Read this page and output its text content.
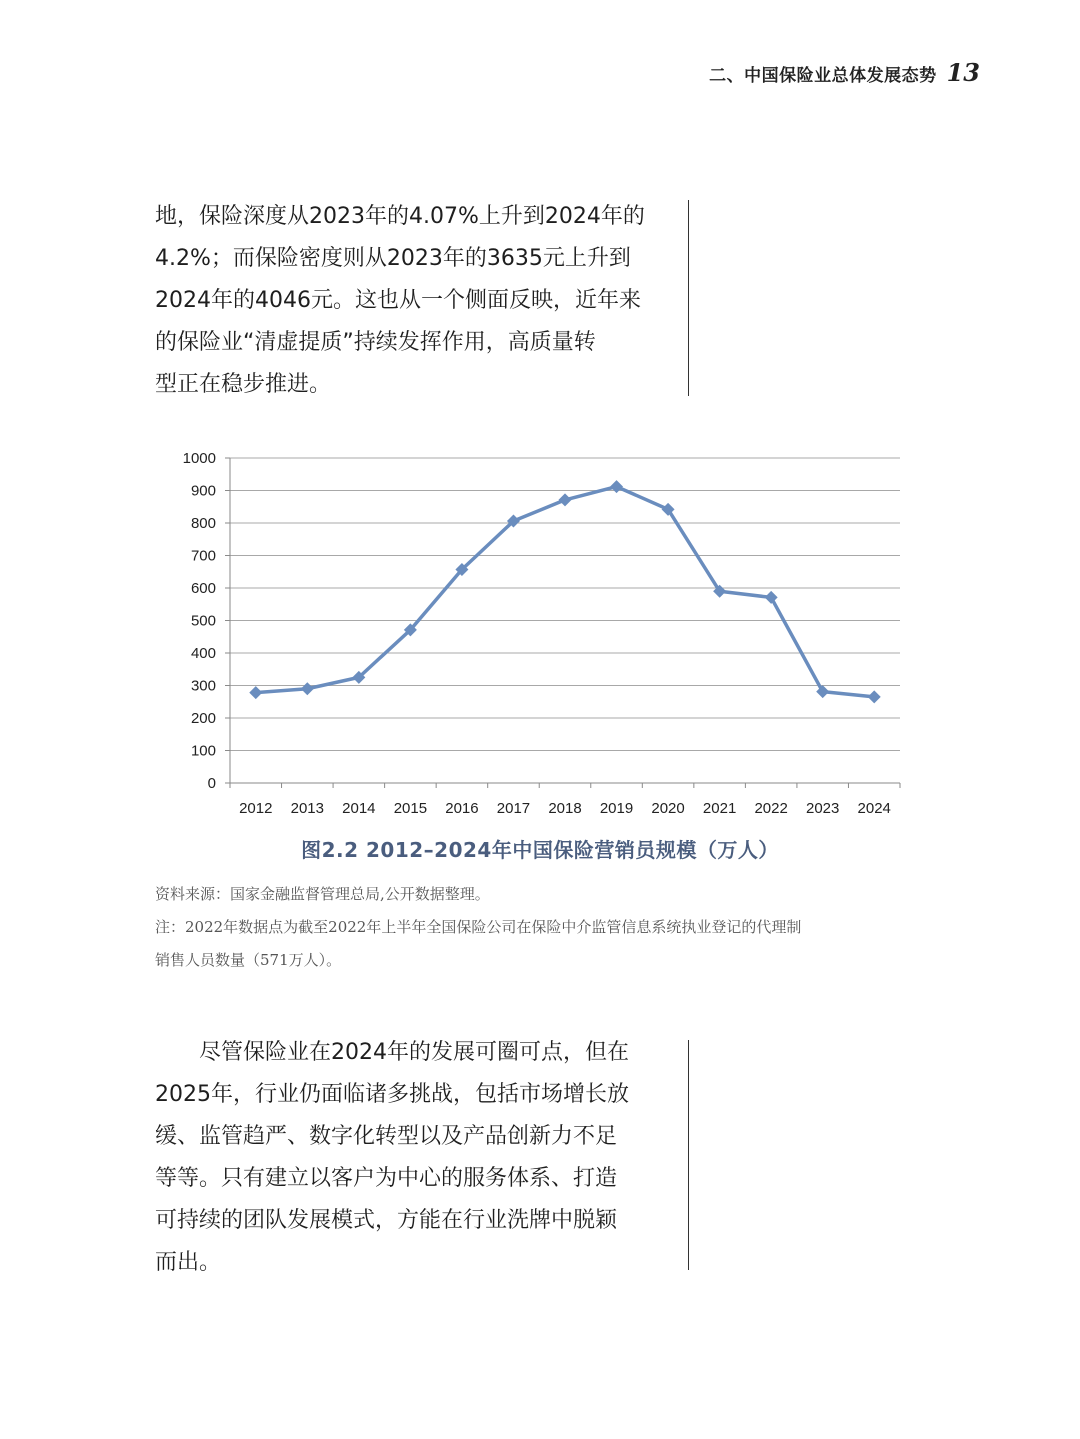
二、中国保险业总体发展态势 13

地，保险深度从2023年的4.07%上升到2024年的
4.2%；而保险密度则从2023年的3635元上升到
2024年的4046元。这也从一个侧面反映，近年来
的保险业“清虚提质”持续发挥作用，高质量转
型正在稳步推进。

0
100
200
300
400
500
600
700
800
900
1000
2012 2013 2014 2015 2016 2017 2018 2019 2020 2021 2022 2023 2024
图2.2 2012–2024年中国保险营销员规模（万人）
资料来源：国家金融监督管理总局,公开数据整理。
注：2022年数据点为截至2022年上半年全国保险公司在保险中介监管信息系统执业登记的代理制
销售人员数量（571万人）。

　　尽管保险业在2024年的发展可圈可点，但在
2025年，行业仍面临诸多挑战，包括市场增长放
缓、监管趋严、数字化转型以及产品创新力不足
等等。只有建立以客户为中心的服务体系、打造
可持续的团队发展模式，方能在行业洗牌中脱颖
而出。
